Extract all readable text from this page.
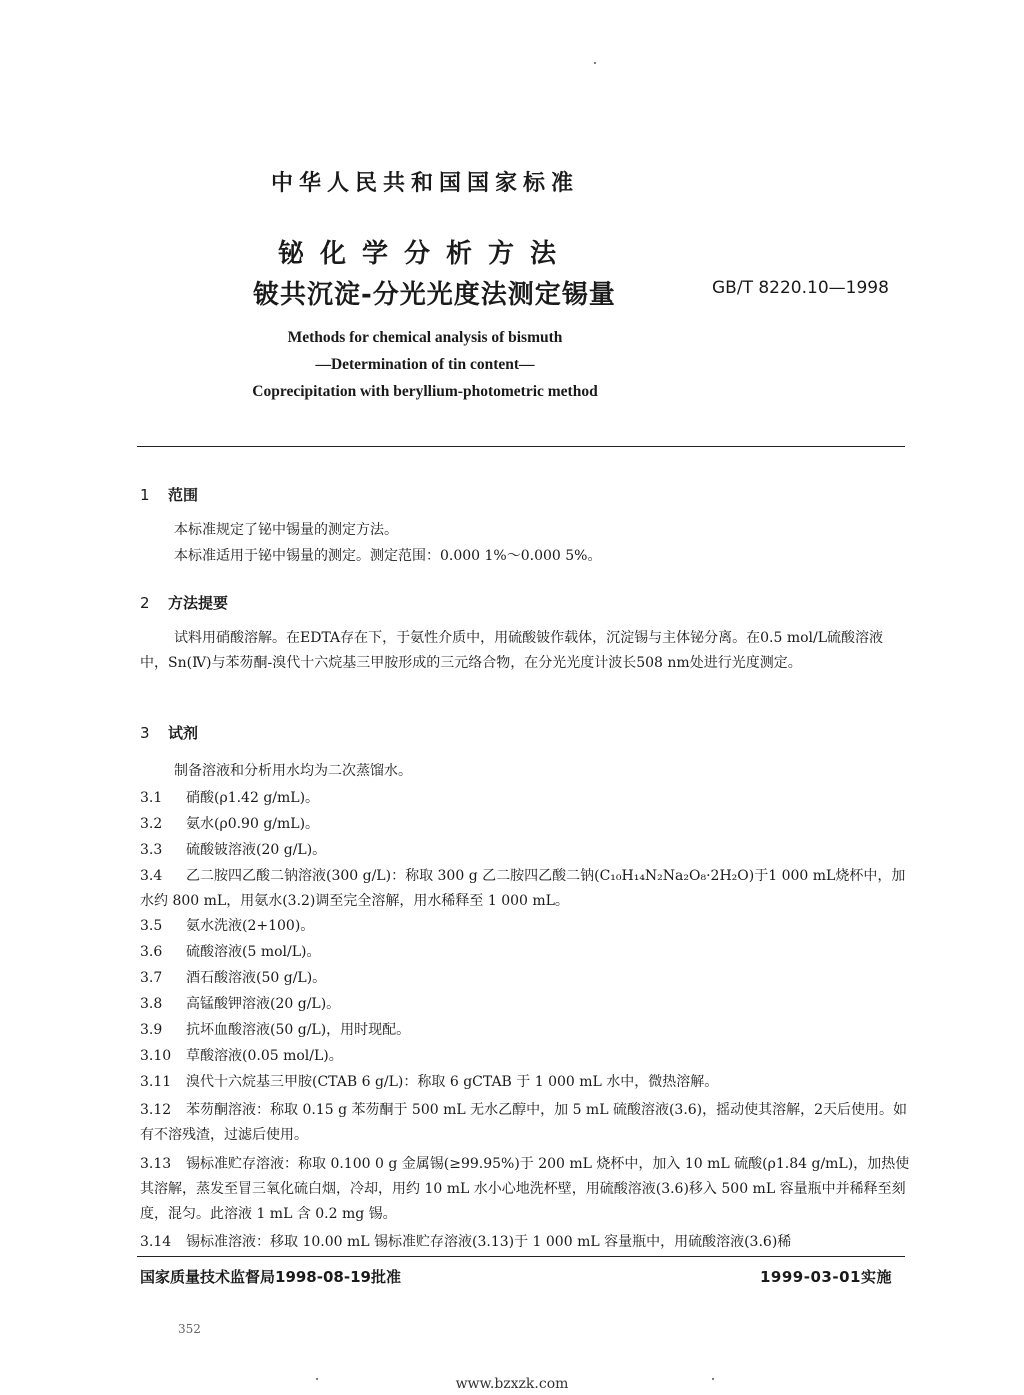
中华人民共和国国家标准
铋化学分析方法
铍共沉淀-分光光度法测定锡量	GB/T 8220.10—1998
Methods for chemical analysis of bismuth
—Determination of tin content—
Coprecipitation with beryllium-photometric method
1 范围
本标准规定了铋中锡量的测定方法。
本标准适用于铋中锡量的测定。测定范围：0.000 1%～0.000 5%。
2 方法提要
试料用硝酸溶解。在EDTA存在下，于氨性介质中，用硫酸铍作载体，沉淀锡与主体铋分离。在0.5 mol/L硫酸溶液中，Sn(Ⅳ)与苯芴酮-溴代十六烷基三甲胺形成的三元络合物，在分光光度计波长508 nm处进行光度测定。
3 试剂
制备溶液和分析用水均为二次蒸馏水。
3.1 硝酸(ρ1.42 g/mL)。
3.2 氨水(ρ0.90 g/mL)。
3.3 硫酸铍溶液(20 g/L)。
3.4 乙二胺四乙酸二钠溶液(300 g/L)：称取 300 g 乙二胺四乙酸二钠(C₁₀H₁₄N₂Na₂O₈·2H₂O)于1 000 mL烧杯中，加水约 800 mL，用氨水(3.2)调至完全溶解，用水稀释至 1 000 mL。
3.5 氨水洗液(2+100)。
3.6 硫酸溶液(5 mol/L)。
3.7 酒石酸溶液(50 g/L)。
3.8 高锰酸钾溶液(20 g/L)。
3.9 抗坏血酸溶液(50 g/L)，用时现配。
3.10 草酸溶液(0.05 mol/L)。
3.11 溴代十六烷基三甲胺(CTAB 6 g/L)：称取 6 gCTAB 于 1 000 mL 水中，微热溶解。
3.12 苯芴酮溶液：称取 0.15 g 苯芴酮于 500 mL 无水乙醇中，加 5 mL 硫酸溶液(3.6)，摇动使其溶解，2天后使用。如有不溶残渣，过滤后使用。
3.13 锡标准贮存溶液：称取 0.100 0 g 金属锡(≥99.95%)于 200 mL 烧杯中，加入 10 mL 硫酸(ρ1.84 g/mL)，加热使其溶解，蒸发至冒三氧化硫白烟，冷却，用约 10 mL 水小心地洗杯壁，用硫酸溶液(3.6)移入 500 mL 容量瓶中并稀释至刻度，混匀。此溶液 1 mL 含 0.2 mg 锡。
3.14 锡标准溶液：移取 10.00 mL 锡标准贮存溶液(3.13)于 1 000 mL 容量瓶中，用硫酸溶液(3.6)稀
国家质量技术监督局1998-08-19批准	1999-03-01实施
352
www.bzxzk.com
